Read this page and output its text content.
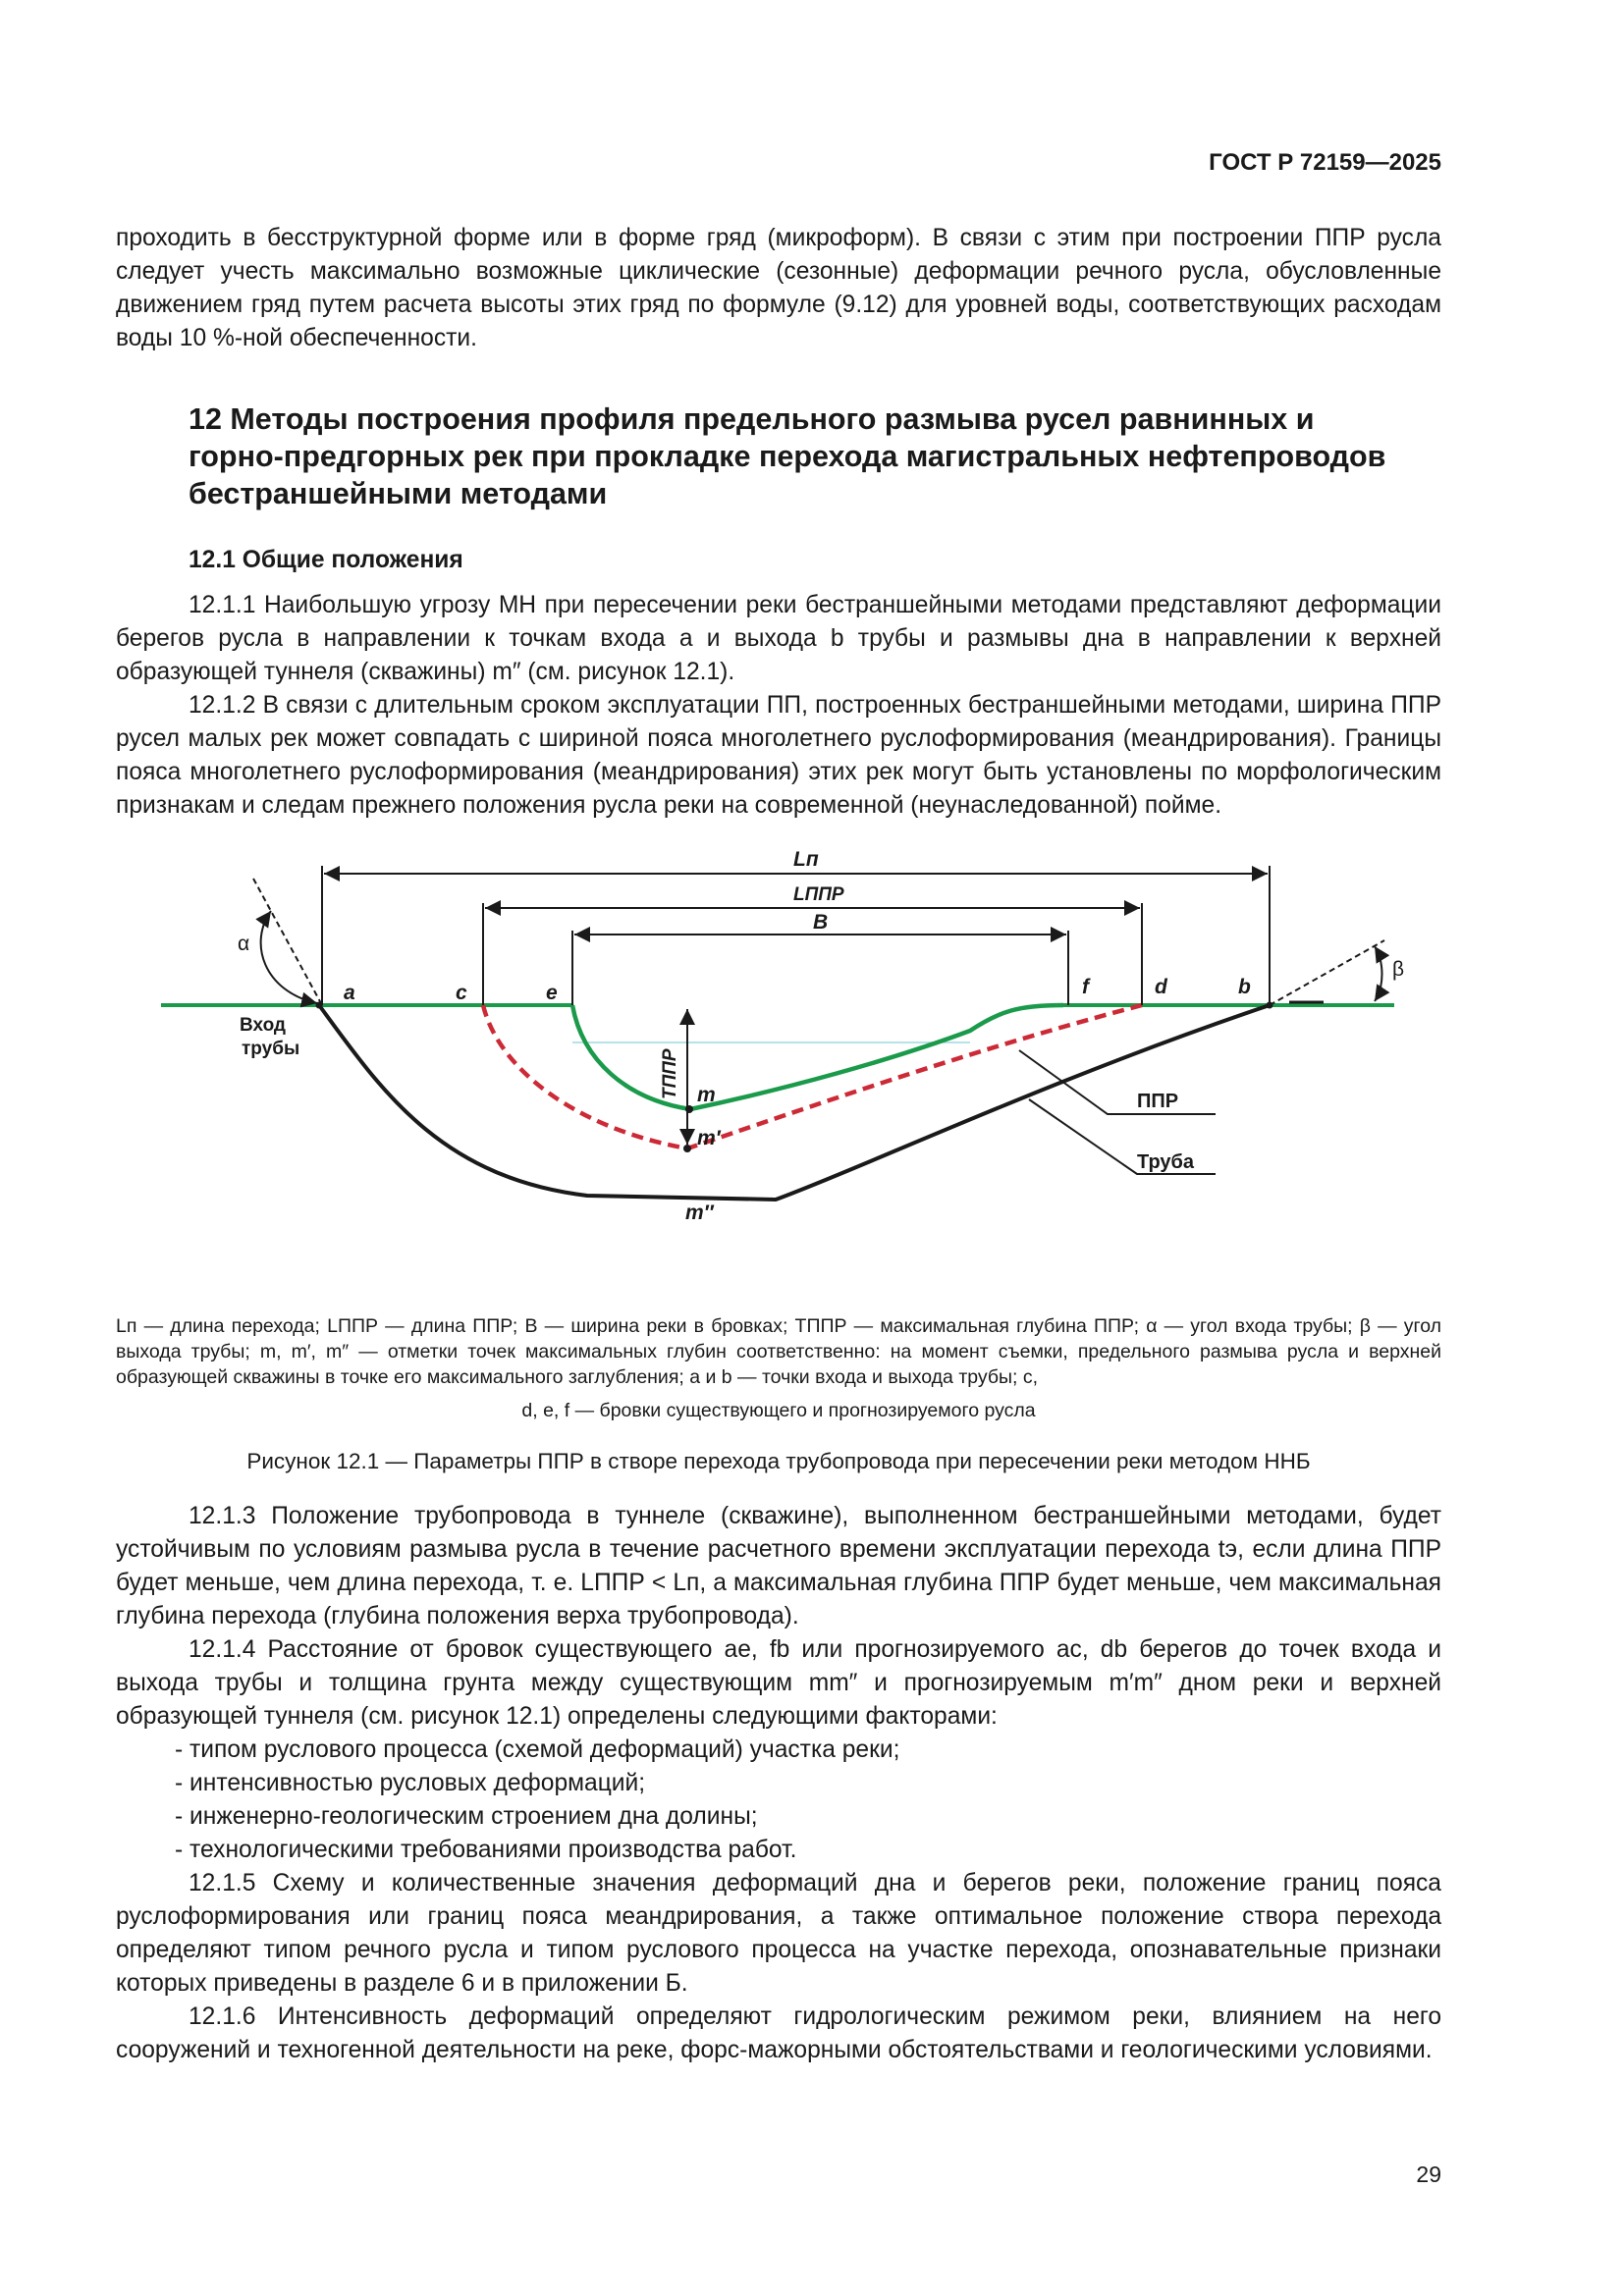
ГОСТ Р 72159—2025

проходить в бесструктурной форме или в форме гряд (микроформ). В связи с этим при построении ППР русла следует учесть максимально возможные циклические (сезонные) деформации речного русла, обусловленные движением гряд путем расчета высоты этих гряд по формуле (9.12) для уровней воды, соответствующих расходам воды 10 %-ной обеспеченности.

12 Методы построения профиля предельного размыва русел равнинных и горно-предгорных рек при прокладке перехода магистральных нефтепроводов бестраншейными методами
12.1 Общие положения

12.1.1 Наибольшую угрозу МН при пересечении реки бестраншейными методами представляют деформации берегов русла в направлении к точкам входа a и выхода b трубы и размывы дна в направлении к верхней образующей туннеля (скважины) m″ (см. рисунок 12.1).

12.1.2 В связи с длительным сроком эксплуатации ПП, построенных бестраншейными методами, ширина ППР русел малых рек может совпадать с шириной пояса многолетнего руслоформирования (меандрирования). Границы пояса многолетнего руслоформирования (меандрирования) этих рек могут быть установлены по морфологическим признакам и следам прежнего положения русла реки на современной (неунаследованной) пойме.

Lп
LППР
B
α
β
a	c	e	f	d	b
Вход
трубы	TППР m
m′
m″
ППР
Труба

Lп — длина перехода; LППР — длина ППР; B — ширина реки в бровках; TППР — максимальная глубина ППР; α — угол входа трубы; β — угол выхода трубы; m, m′, m″ — отметки точек максимальных глубин соответственно: на момент съемки, предельного размыва русла и верхней образующей скважины в точке его максимального заглубления; a и b — точки входа и выхода трубы; c,

d, e, f — бровки существующего и прогнозируемого русла

Рисунок 12.1 — Параметры ППР в створе перехода трубопровода при пересечении реки методом ННБ

12.1.3 Положение трубопровода в туннеле (скважине), выполненном бестраншейными методами, будет устойчивым по условиям размыва русла в течение расчетного времени эксплуатации перехода tэ, если длина ППР будет меньше, чем длина перехода, т. е. LППР < Lп, а максимальная глубина ППР будет меньше, чем максимальная глубина перехода (глубина положения верха трубопровода).

12.1.4 Расстояние от бровок существующего ae, fb или прогнозируемого ac, db берегов до точек входа и выхода трубы и толщина грунта между существующим mm″ и прогнозируемым m′m″ дном реки и верхней образующей туннеля (см. рисунок 12.1) определены следующими факторами:

- типом руслового процесса (схемой деформаций) участка реки;

- интенсивностью русловых деформаций;

- инженерно-геологическим строением дна долины;

- технологическими требованиями производства работ.

12.1.5 Схему и количественные значения деформаций дна и берегов реки, положение границ пояса руслоформирования или границ пояса меандрирования, а также оптимальное положение створа перехода определяют типом речного русла и типом руслового процесса на участке перехода, опознавательные признаки которых приведены в разделе 6 и в приложении Б.

12.1.6 Интенсивность деформаций определяют гидрологическим режимом реки, влиянием на него сооружений и техногенной деятельности на реке, форс-мажорными обстоятельствами и геологическими условиями.

29
